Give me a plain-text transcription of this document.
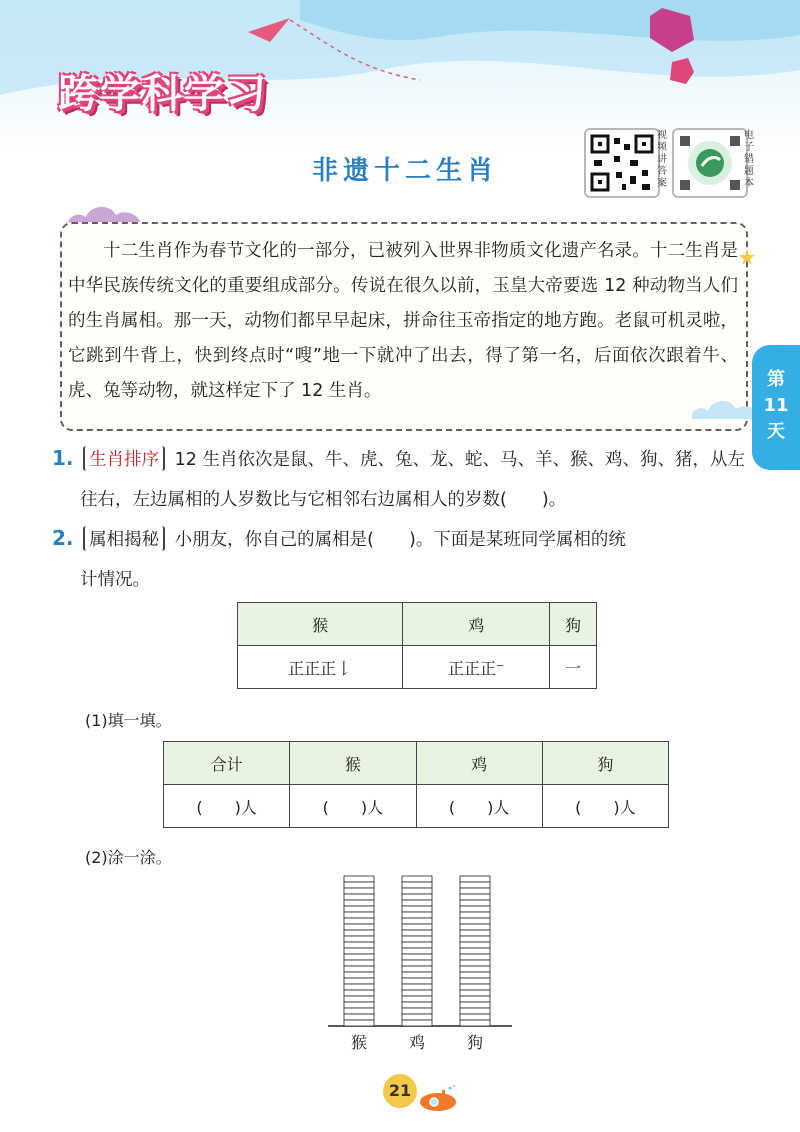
跨学科学习
非遗十二生肖
视频讲答案
电子错题本
十二生肖作为春节文化的一部分，已被列入世界非物质文化遗产名录。十二生肖是中华民族传统文化的重要组成部分。传说在很久以前，玉皇大帝要选 12 种动物当人们的生肖属相。那一天，动物们都早早起床，拼命往玉帝指定的地方跑。老鼠可机灵啦，它跳到牛背上，快到终点时“嗖”地一下就冲了出去，得了第一名，后面依次跟着牛、虎、兔等动物，就这样定下了 12 生肖。
第
11
天
1. 生肖排序 12 生肖依次是鼠、牛、虎、兔、龙、蛇、马、羊、猴、鸡、狗、猪，从左
往右，左边属相的人岁数比与它相邻右边属相人的岁数(　　)。
2. 属相揭秘 小朋友，你自己的属相是(　　)。下面是某班同学属相的统
计情况。
猴	鸡	狗
正正正𠄌	正正正⁻	一
(1)填一填。
合计	猴	鸡	狗
(　　)人	(　　)人	(　　)人	(　　)人
(2)涂一涂。
猴	鸡	狗
21
